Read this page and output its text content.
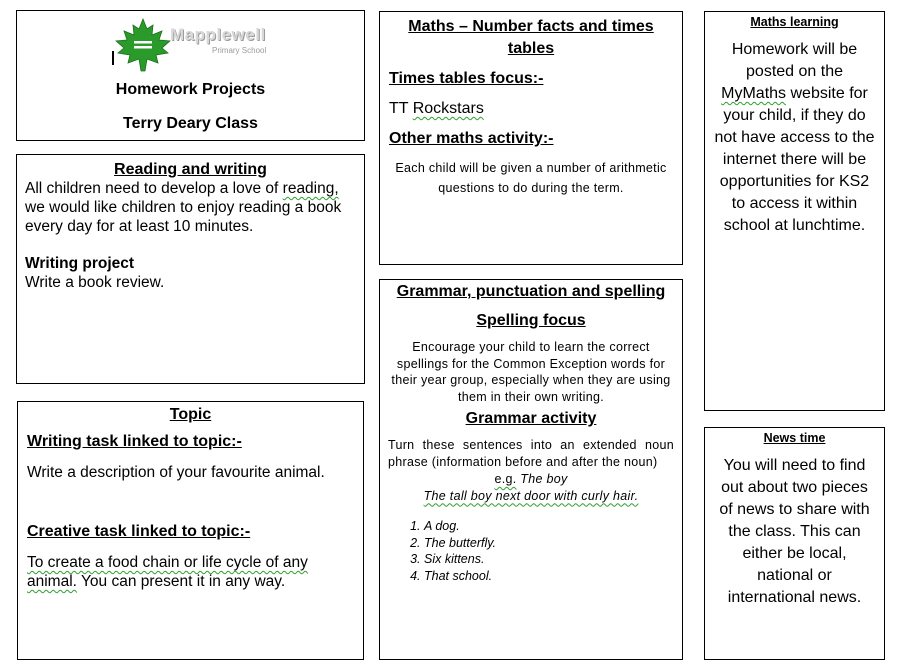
Mapplewell
Primary School
Homework Projects
Terry Deary Class
Reading and writing

All children need to develop a love of reading, we would like children to enjoy reading a book every day for at least 10 minutes.

Writing project

Write a book review.

Topic

Writing task linked to topic:-

Write a description of your favourite animal.

Creative task linked to topic:-

To create a food chain or life cycle of any animal. You can present it in any way.

Maths – Number facts and times tables

Times tables focus:-

TT Rockstars

Other maths activity:-

Each child will be given a number of arithmetic questions to do during the term.

Grammar, punctuation and spelling

Spelling focus

Encourage your child to learn the correct spellings for the Common Exception words for their year group, especially when they are using them in their own writing.

Grammar activity

Turn these sentences into an extended noun phrase (information before and after the noun)

e.g. The boy

The tall boy next door with curly hair.

1. A dog.
2. The butterfly.
3. Six kittens.
4. That school.

Maths learning

Homework will be posted on the MyMaths website for your child, if they do not have access to the internet there will be opportunities for KS2 to access it within school at lunchtime.

News time

You will need to find out about two pieces of news to share with the class. This can either be local, national or international news.
